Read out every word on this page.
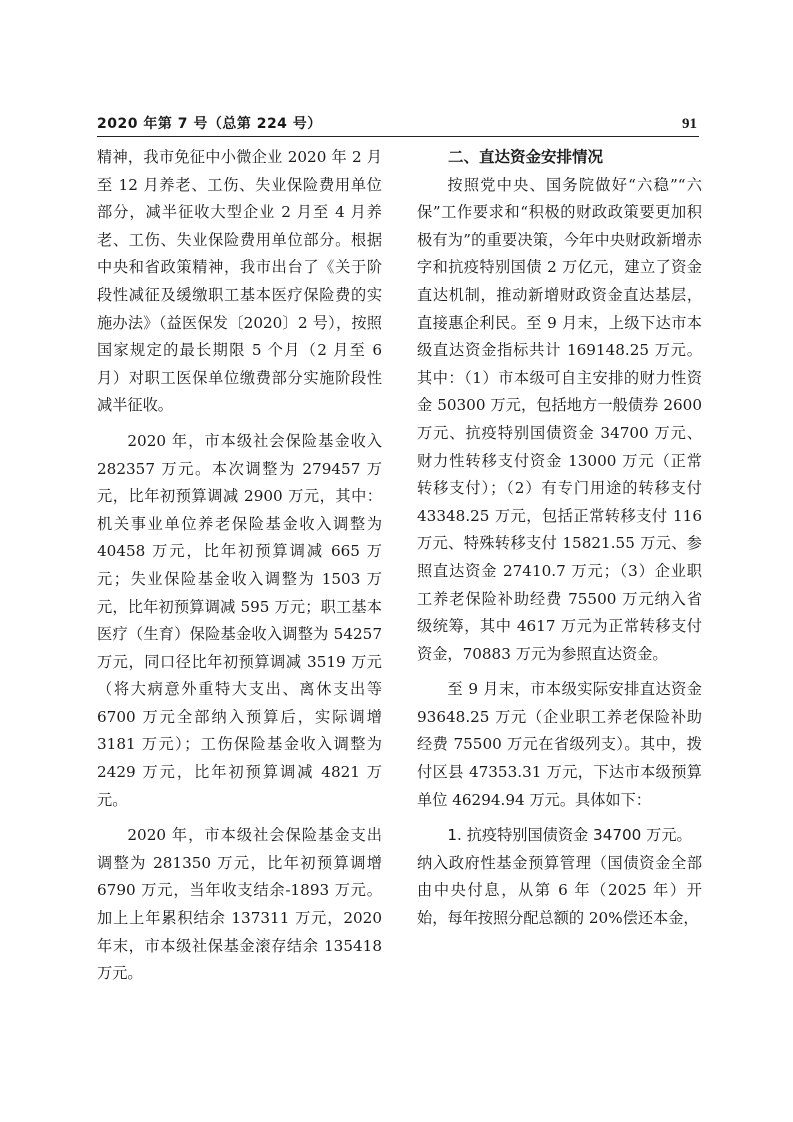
2020 年第 7 号（总第 224 号）	91

精神，我市免征中小微企业 2020 年 2 月至 12 月养老、工伤、失业保险费用单位部分，减半征收大型企业 2 月至 4 月养老、工伤、失业保险费用单位部分。根据中央和省政策精神，我市出台了《关于阶段性减征及缓缴职工基本医疗保险费的实施办法》（益医保发〔2020〕2 号），按照国家规定的最长期限 5 个月（2 月至 6 月）对职工医保单位缴费部分实施阶段性减半征收。

2020 年，市本级社会保险基金收入 282357 万元。本次调整为 279457 万元，比年初预算调减 2900 万元，其中：机关事业单位养老保险基金收入调整为 40458 万元，比年初预算调减 665 万元；失业保险基金收入调整为 1503 万元，比年初预算调减 595 万元；职工基本医疗（生育）保险基金收入调整为 54257 万元，同口径比年初预算调减 3519 万元（将大病意外重特大支出、离休支出等 6700 万元全部纳入预算后，实际调增 3181 万元）；工伤保险基金收入调整为 2429 万元，比年初预算调减 4821 万元。

2020 年，市本级社会保险基金支出调整为 281350 万元，比年初预算调增 6790 万元，当年收支结余-1893 万元。加上上年累积结余 137311 万元，2020 年末，市本级社保基金滚存结余 135418 万元。

二、直达资金安排情况

按照党中央、国务院做好“六稳”“六保”工作要求和“积极的财政政策要更加积极有为”的重要决策，今年中央财政新增赤字和抗疫特别国债 2 万亿元，建立了资金直达机制，推动新增财政资金直达基层，直接惠企利民。至 9 月末，上级下达市本级直达资金指标共计 169148.25 万元。其中：（1）市本级可自主安排的财力性资金 50300 万元，包括地方一般债券 2600 万元、抗疫特别国债资金 34700 万元、财力性转移支付资金 13000 万元（正常转移支付）；（2）有专门用途的转移支付 43348.25 万元，包括正常转移支付 116 万元、特殊转移支付 15821.55 万元、参照直达资金 27410.7 万元；（3）企业职工养老保险补助经费 75500 万元纳入省级统筹，其中 4617 万元为正常转移支付资金，70883 万元为参照直达资金。

至 9 月末，市本级实际安排直达资金 93648.25 万元（企业职工养老保险补助经费 75500 万元在省级列支）。其中，拨付区县 47353.31 万元，下达市本级预算单位 46294.94 万元。具体如下：

1. 抗疫特别国债资金 34700 万元。

纳入政府性基金预算管理（国债资金全部由中央付息，从第 6 年（2025 年）开始，每年按照分配总额的 20%偿还本金，
